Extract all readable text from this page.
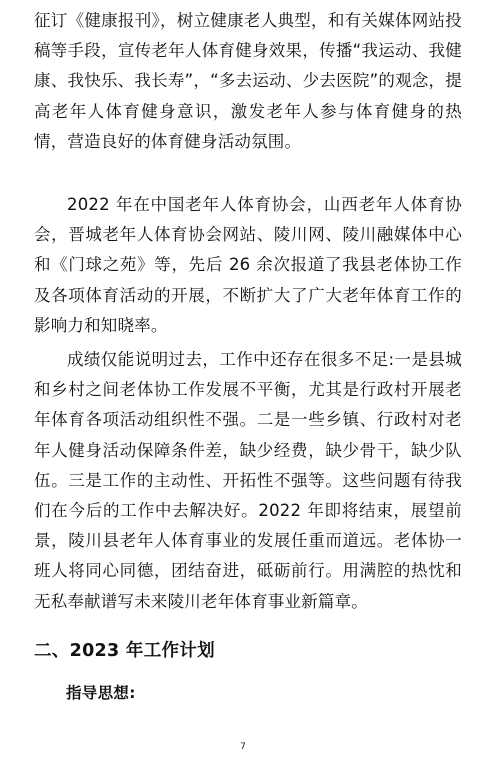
征订《健康报刊》，树立健康老人典型，和有关媒体网站投稿等手段，宣传老年人体育健身效果，传播“我运动、我健康、我快乐、我长寿”，“多去运动、少去医院”的观念，提高老年人体育健身意识，激发老年人参与体育健身的热情，营造良好的体育健身活动氛围。

2022 年在中国老年人体育协会，山西老年人体育协会，晋城老年人体育协会网站、陵川网、陵川融媒体中心和《门球之苑》等，先后 26 余次报道了我县老体协工作及各项体育活动的开展，不断扩大了广大老年体育工作的影响力和知晓率。

成绩仅能说明过去，工作中还存在很多不足:一是县城和乡村之间老体协工作发展不平衡，尤其是行政村开展老年体育各项活动组织性不强。二是一些乡镇、行政村对老年人健身活动保障条件差，缺少经费，缺少骨干，缺少队伍。三是工作的主动性、开拓性不强等。这些问题有待我们在今后的工作中去解决好。2022 年即将结束，展望前景，陵川县老年人体育事业的发展任重而道远。老体协一班人将同心同德，团结奋进，砥砺前行。用满腔的热忱和无私奉献谱写未来陵川老年体育事业新篇章。

二、2023 年工作计划
指导思想:
7
